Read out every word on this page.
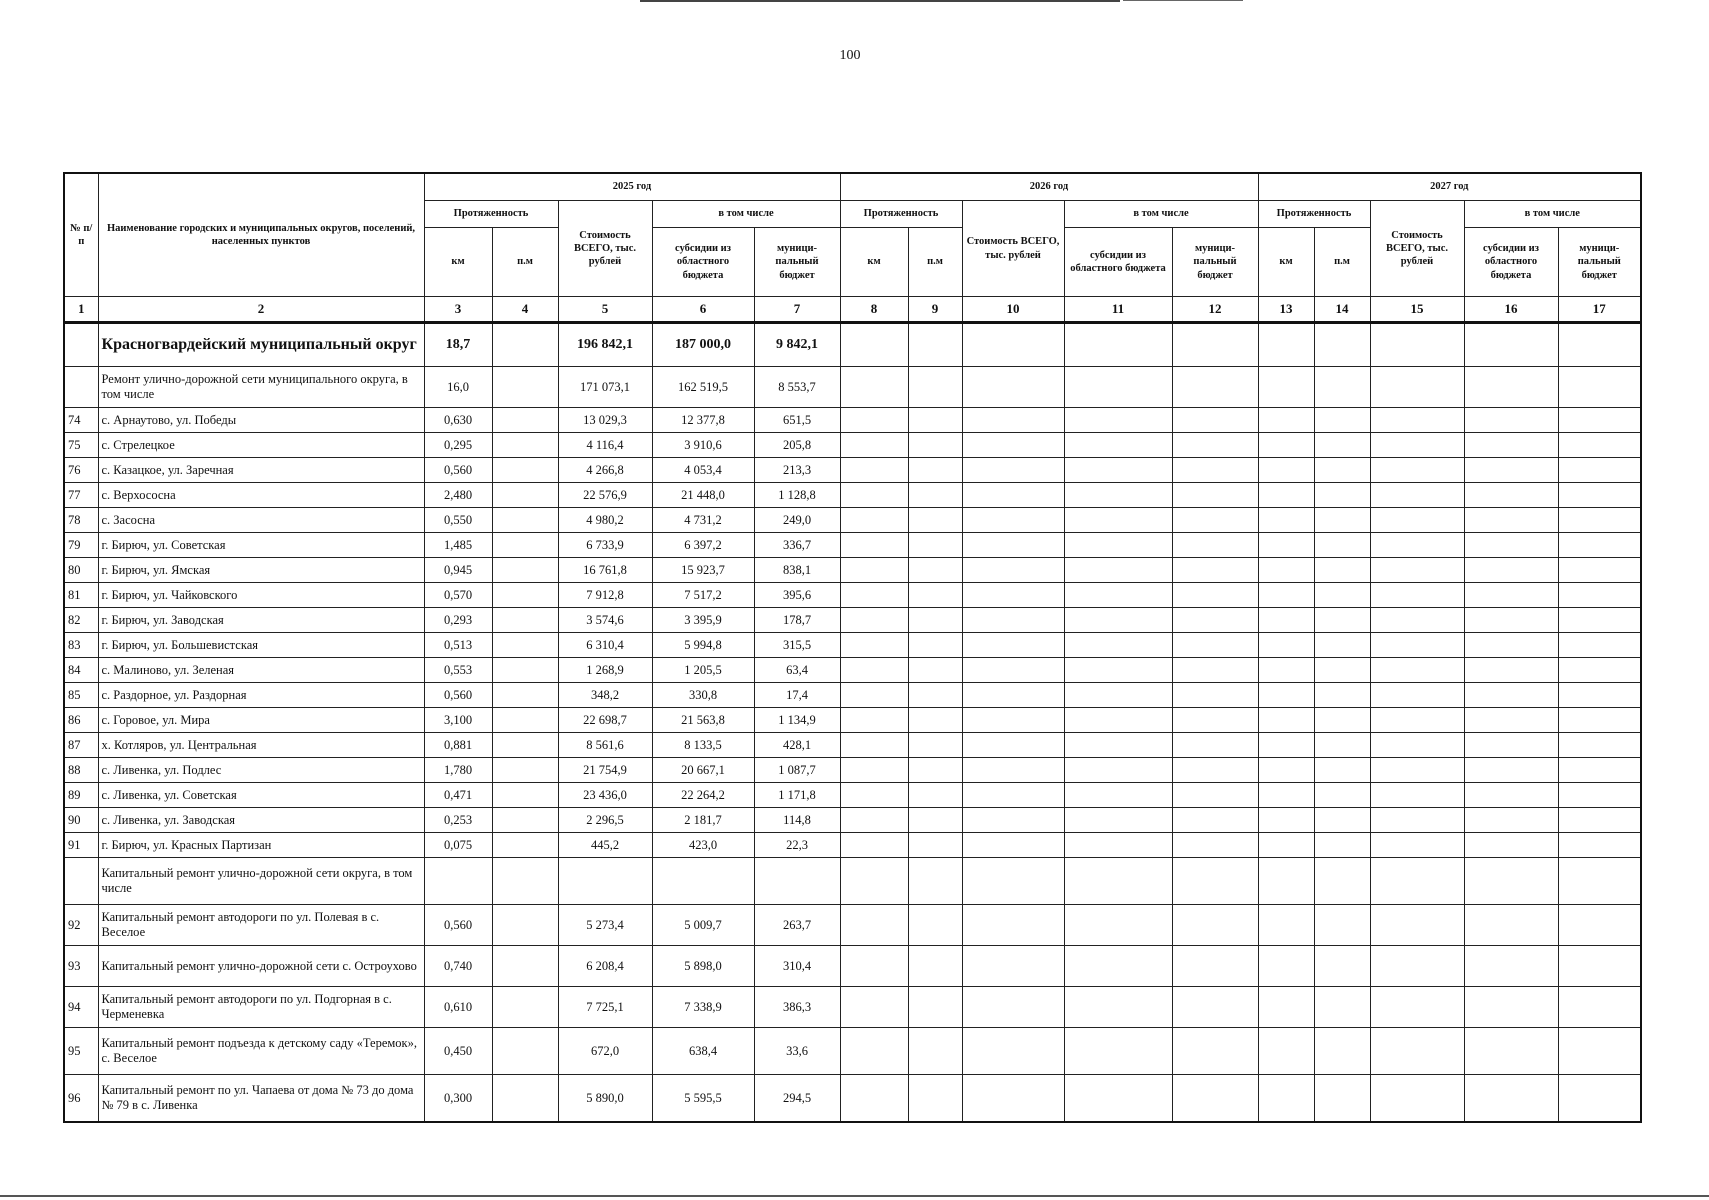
100
№ п/п	Наименование городских и муниципальных округов, поселений, населенных пунктов	2025 год					2026 год					2027 год				
		Протяженность		Стоимость ВСЕГО, тыс. рублей	в том числе		Протяженность		Стоимость ВСЕГО, тыс. рублей	в том числе		Протяженность		Стоимость ВСЕГО, тыс. рублей	в том числе	
		км	п.м		субсидии из областного бюджета	муници-пальный бюджет	км	п.м		субсидии из областного бюджета	муници-пальный бюджет	км	п.м		субсидии из областного бюджета	муници-пальный бюджет
1	2	3	4	5	6	7	8	9	10	11	12	13	14	15	16	17
	Красногвардейский муниципальный округ	18,7		196 842,1	187 000,0	9 842,1										
	Ремонт улично-дорожной сети муниципального округа, в том числе	16,0		171 073,1	162 519,5	8 553,7										
74	с. Арнаутово, ул. Победы	0,630		13 029,3	12 377,8	651,5										
75	с. Стрелецкое	0,295		4 116,4	3 910,6	205,8										
76	с. Казацкое, ул. Заречная	0,560		4 266,8	4 053,4	213,3										
77	с. Верхососна	2,480		22 576,9	21 448,0	1 128,8										
78	с. Засосна	0,550		4 980,2	4 731,2	249,0										
79	г. Бирюч, ул. Советская	1,485		6 733,9	6 397,2	336,7										
80	г. Бирюч, ул. Ямская	0,945		16 761,8	15 923,7	838,1										
81	г. Бирюч, ул. Чайковского	0,570		7 912,8	7 517,2	395,6										
82	г. Бирюч, ул. Заводская	0,293		3 574,6	3 395,9	178,7										
83	г. Бирюч, ул. Большевистская	0,513		6 310,4	5 994,8	315,5										
84	с. Малиново, ул. Зеленая	0,553		1 268,9	1 205,5	63,4										
85	с. Раздорное, ул. Раздорная	0,560		348,2	330,8	17,4										
86	с. Горовое, ул. Мира	3,100		22 698,7	21 563,8	1 134,9										
87	х. Котляров, ул. Центральная	0,881		8 561,6	8 133,5	428,1										
88	с. Ливенка, ул. Подлес	1,780		21 754,9	20 667,1	1 087,7										
89	с. Ливенка, ул. Советская	0,471		23 436,0	22 264,2	1 171,8										
90	с. Ливенка, ул. Заводская	0,253		2 296,5	2 181,7	114,8										
91	г. Бирюч, ул. Красных Партизан	0,075		445,2	423,0	22,3										
	Капитальный ремонт улично-дорожной сети округа, в том числе															
92	Капитальный ремонт автодороги по ул. Полевая в с. Веселое	0,560		5 273,4	5 009,7	263,7										
93	Капитальный ремонт улично-дорожной сети с. Остроухово	0,740		6 208,4	5 898,0	310,4										
94	Капитальный ремонт автодороги по ул. Подгорная в с. Черменевка	0,610		7 725,1	7 338,9	386,3										
95	Капитальный ремонт подъезда к детскому саду «Теремок», с. Веселое	0,450		672,0	638,4	33,6										
96	Капитальный ремонт по ул. Чапаева от дома № 73 до дома № 79 в с. Ливенка	0,300		5 890,0	5 595,5	294,5										
